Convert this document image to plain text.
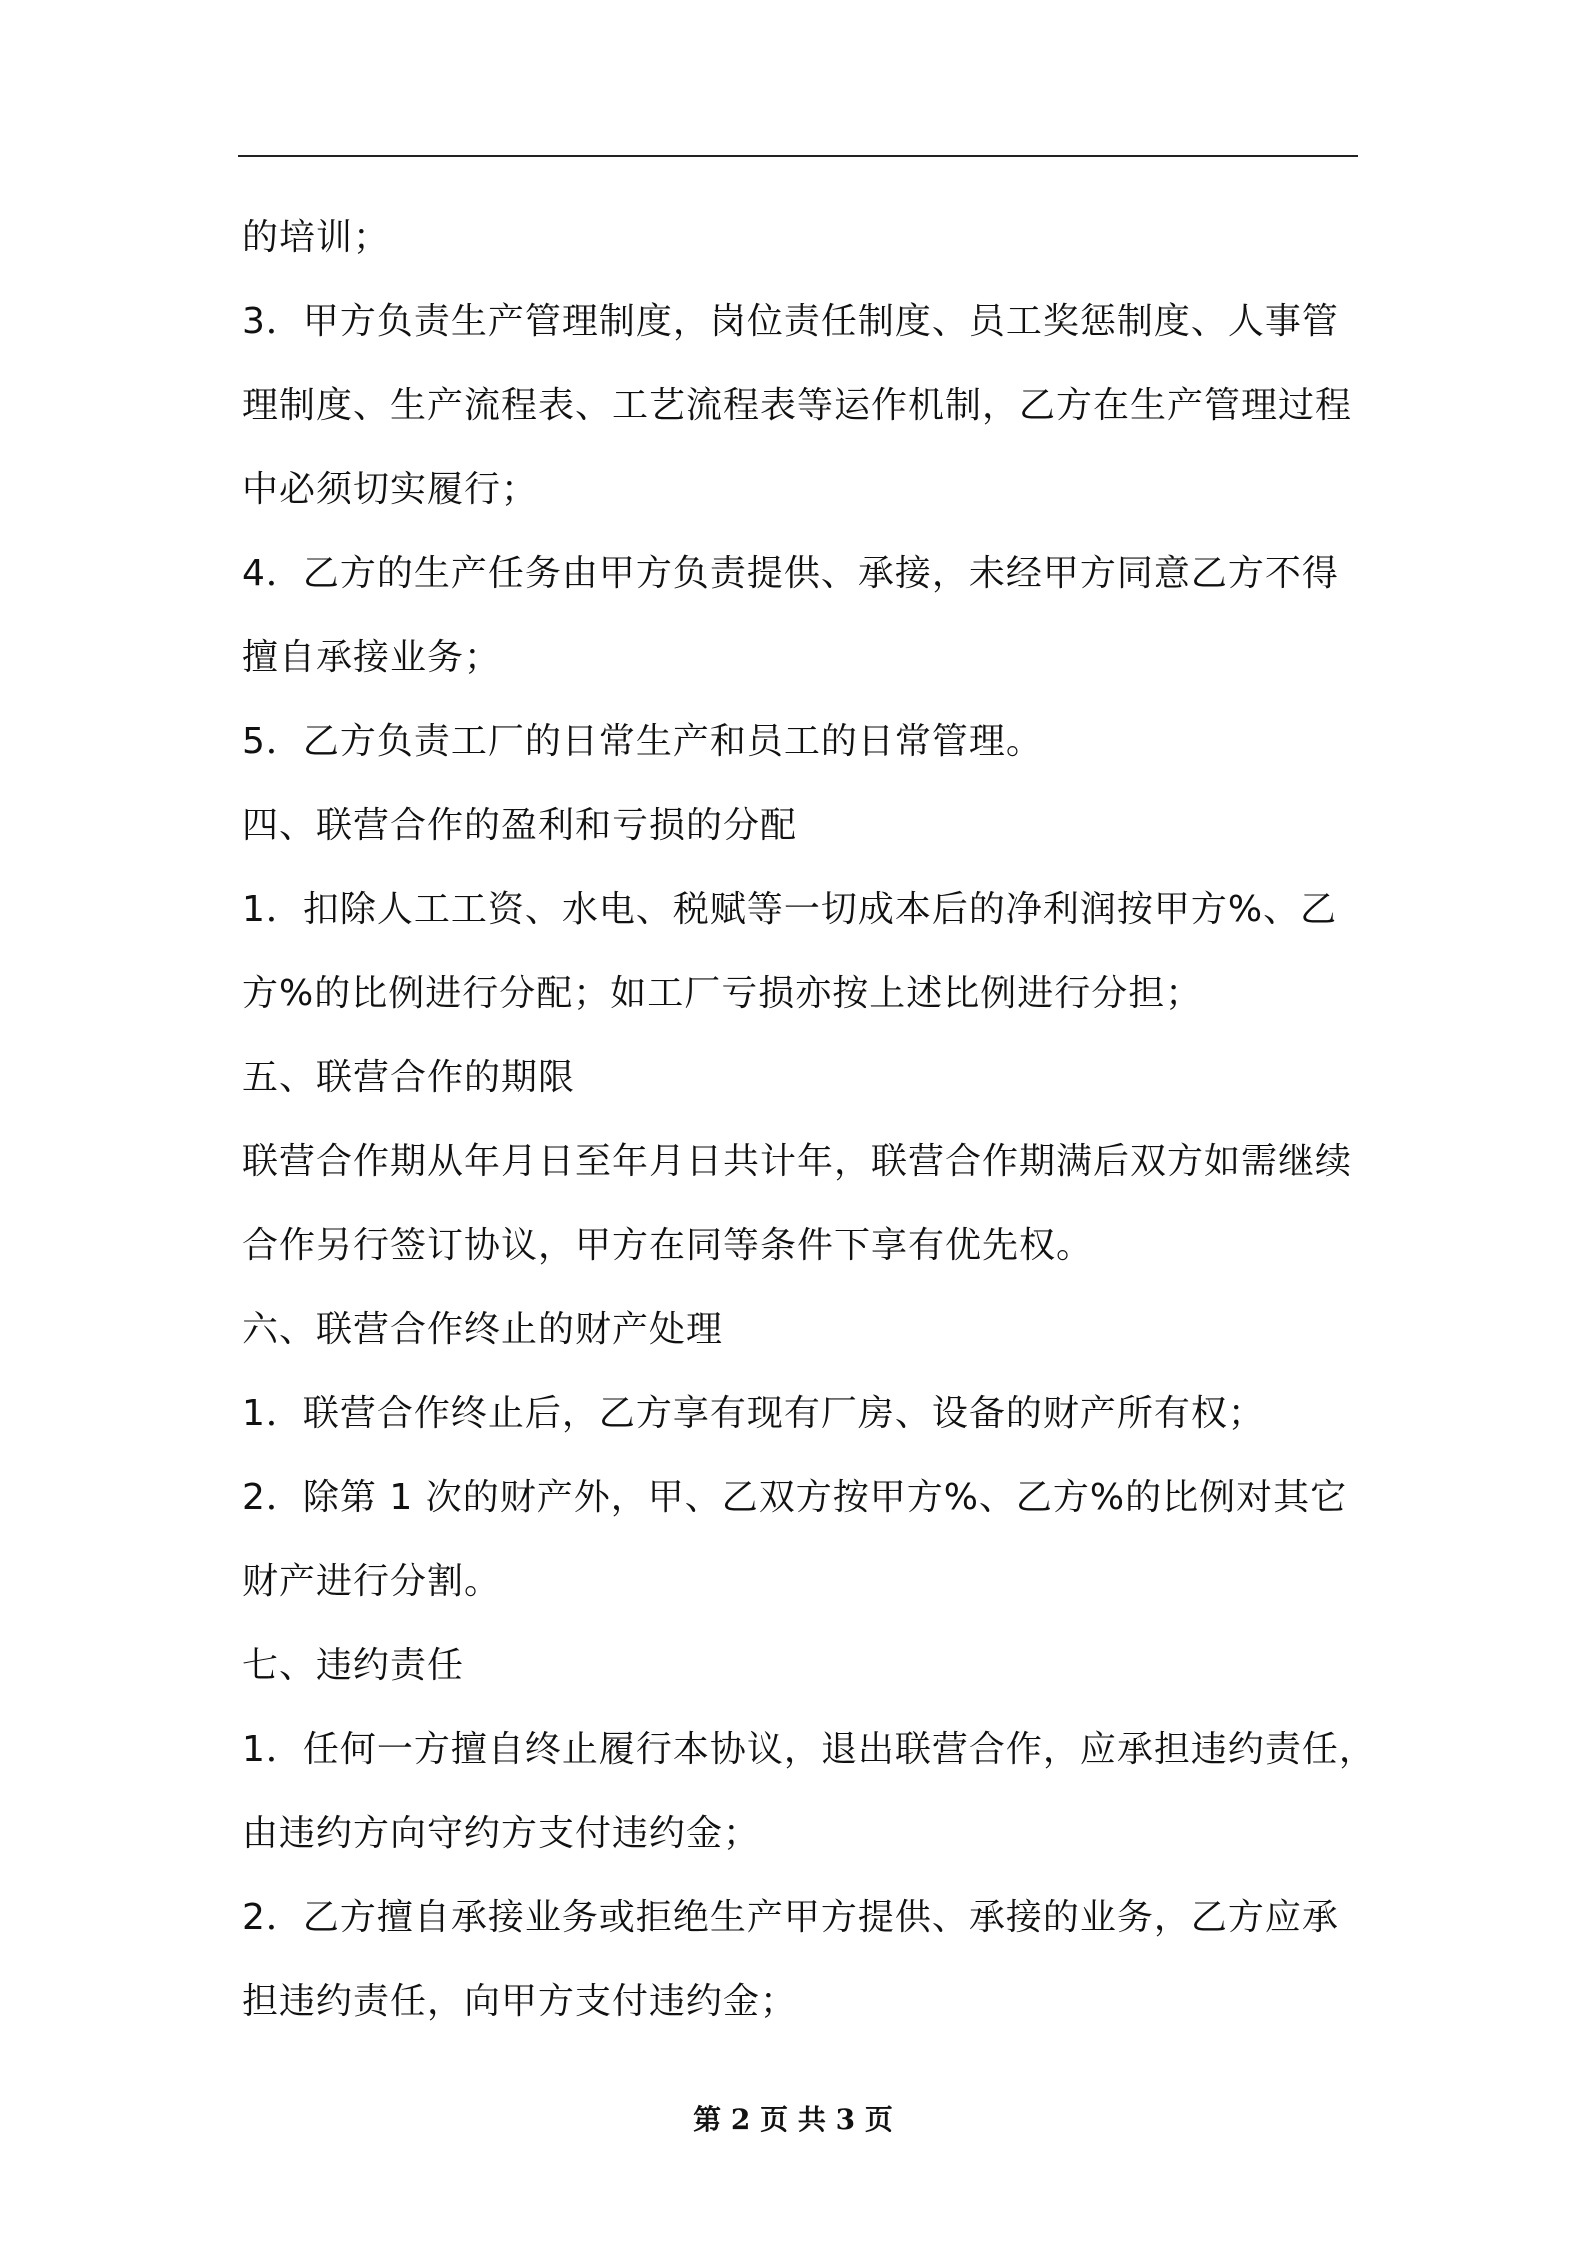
的培训；
3．甲方负责生产管理制度，岗位责任制度、员工奖惩制度、人事管
理制度、生产流程表、工艺流程表等运作机制，乙方在生产管理过程
中必须切实履行；
4．乙方的生产任务由甲方负责提供、承接，未经甲方同意乙方不得
擅自承接业务；
5．乙方负责工厂的日常生产和员工的日常管理。
四、联营合作的盈利和亏损的分配
1．扣除人工工资、水电、税赋等一切成本后的净利润按甲方%、乙
方%的比例进行分配；如工厂亏损亦按上述比例进行分担；
五、联营合作的期限
联营合作期从年月日至年月日共计年，联营合作期满后双方如需继续
合作另行签订协议，甲方在同等条件下享有优先权。
六、联营合作终止的财产处理
1．联营合作终止后，乙方享有现有厂房、设备的财产所有权；
2．除第 1 次的财产外，甲、乙双方按甲方%、乙方%的比例对其它
财产进行分割。
七、违约责任
1．任何一方擅自终止履行本协议，退出联营合作，应承担违约责任，
由违约方向守约方支付违约金；
2．乙方擅自承接业务或拒绝生产甲方提供、承接的业务，乙方应承
担违约责任，向甲方支付违约金；
第 2 页 共 3 页
